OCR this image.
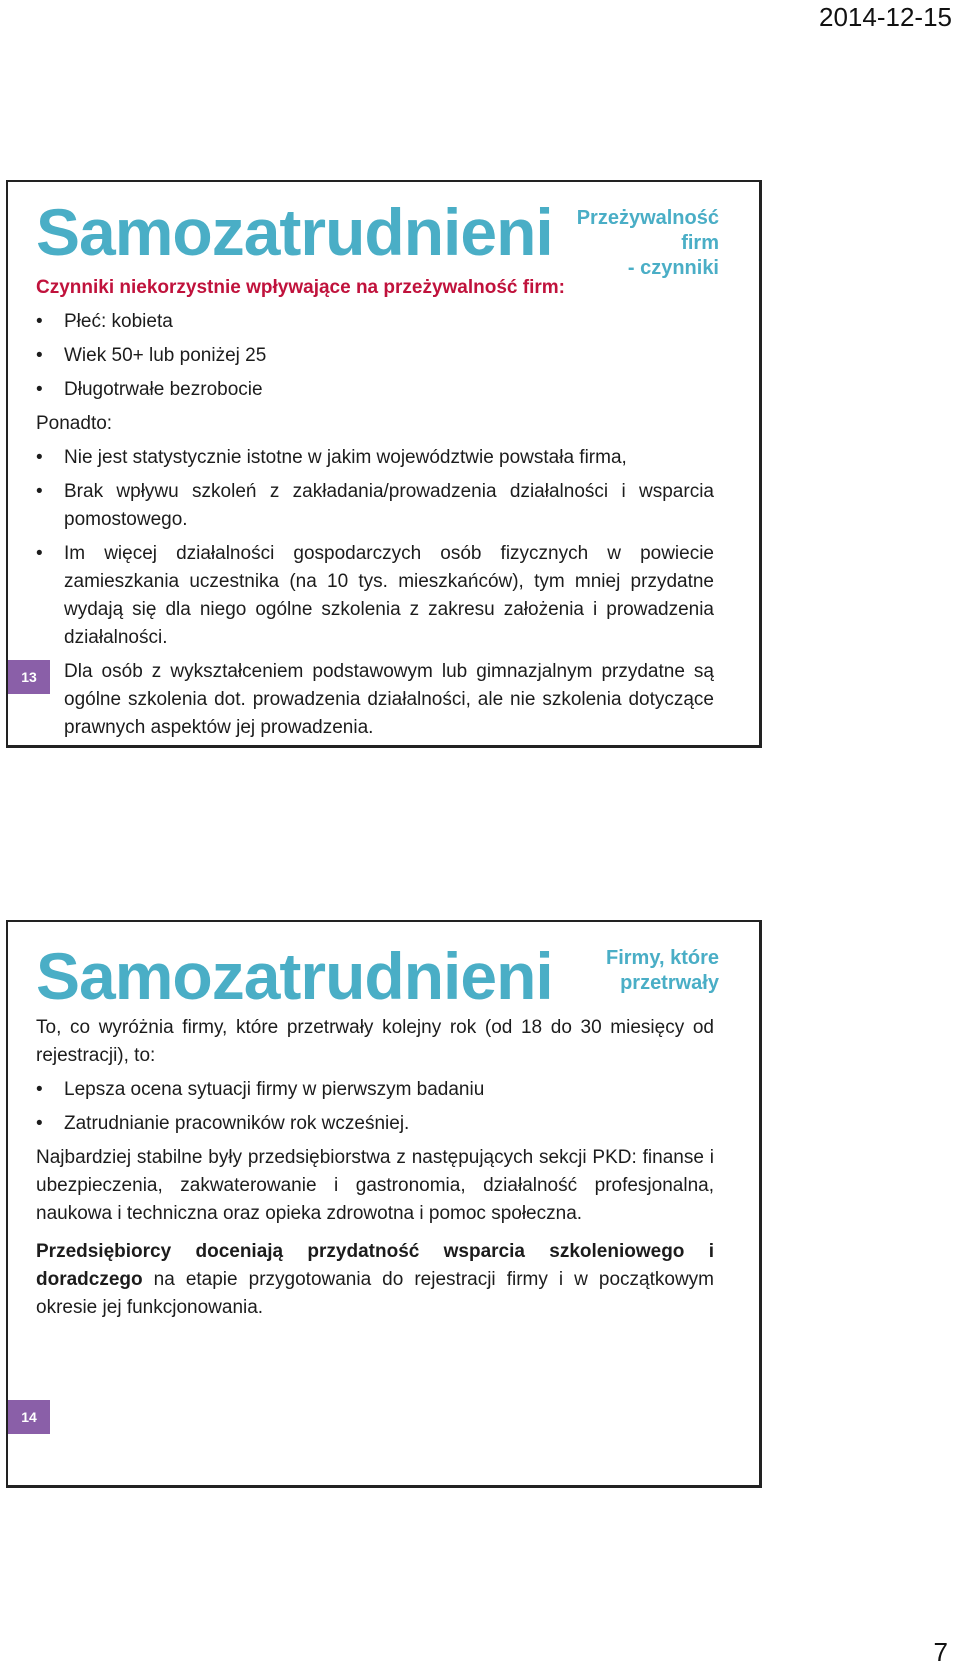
2014-12-15
Samozatrudnieni Przeżywalność
firm
- czynniki
Czynniki niekorzystnie wpływające na przeżywalność firm:
• Płeć: kobieta
• Wiek 50+ lub poniżej 25
• Długotrwałe bezrobocie
Ponadto:
• Nie jest statystycznie istotne w jakim województwie powstała firma,
• Brak wpływu szkoleń z zakładania/prowadzenia działalności i wsparcia pomostowego.
• Im więcej działalności gospodarczych osób fizycznych w powiecie zamieszkania uczestnika (na 10 tys. mieszkańców), tym mniej przydatne wydają się dla niego ogólne szkolenia z zakresu założenia i prowadzenia działalności.
Dla osób z wykształceniem podstawowym lub gimnazjalnym przydatne są ogólne szkolenia dot. prowadzenia działalności, ale nie szkolenia dotyczące prawnych aspektów jej prowadzenia.
13
Samozatrudnieni	Firmy, które
przetrwały
To, co wyróżnia firmy, które przetrwały kolejny rok (od 18 do 30 miesięcy od rejestracji), to:
• Lepsza ocena sytuacji firmy w pierwszym badaniu
• Zatrudnianie pracowników rok wcześniej.
Najbardziej stabilne były przedsiębiorstwa z następujących sekcji PKD: finanse i ubezpieczenia, zakwaterowanie i gastronomia, działalność profesjonalna, naukowa i techniczna oraz opieka zdrowotna i pomoc społeczna.
Przedsiębiorcy doceniają przydatność wsparcia szkoleniowego i doradczego na etapie przygotowania do rejestracji firmy i w początkowym okresie jej funkcjonowania.
14
7
